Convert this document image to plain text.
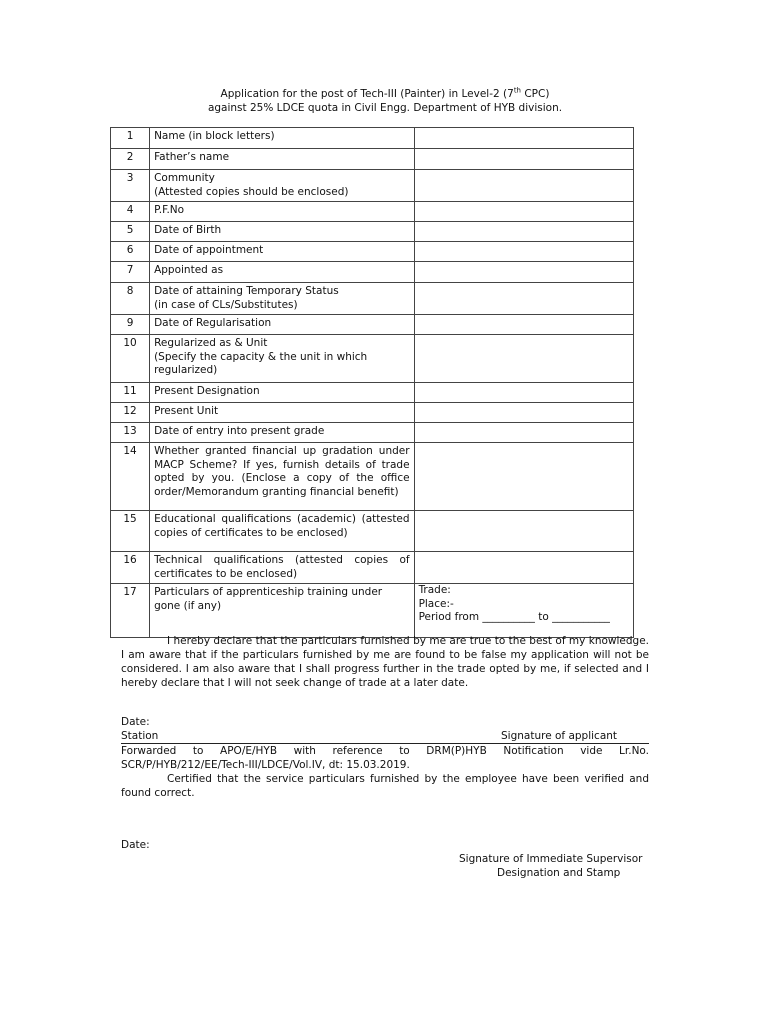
Application for the post of Tech-III (Painter) in Level-2 (7th CPC)
against 25% LDCE quota in Civil Engg. Department of HYB division.
1	Name (in block letters)	
2	Father’s name	
3	Community
(Attested copies should be enclosed)	
4	P.F.No	
5	Date of Birth	
6	Date of appointment	
7	Appointed as	
8	Date of attaining Temporary Status
(in case of CLs/Substitutes)	
9	Date of Regularisation	
10	Regularized as & Unit
(Specify the capacity & the unit in which regularized)	
11	Present Designation	
12	Present Unit	
13	Date of entry into present grade	
14	Whether granted financial up gradation under MACP Scheme? If yes, furnish details of trade opted by you. (Enclose a copy of the office order/Memorandum granting financial benefit)	
15	Educational qualifications (academic) (attested copies of certificates to be enclosed)	
16	Technical qualifications (attested copies of certificates to be enclosed)	
17	Particulars of apprenticeship training under gone (if any)	Trade:
Place:-
Period from __________ to ___________
I hereby declare that the particulars furnished by me are true to the best of my knowledge. I am aware that if the particulars furnished by me are found to be false my application will not be considered. I am also aware that I shall progress further in the trade opted by me, if selected and I hereby declare that I will not seek change of trade at a later date.
Date:
Station	Signature of applicant
Forwarded to APO/E/HYB with reference to DRM(P)HYB Notification vide Lr.No. SCR/P/HYB/212/EE/Tech-III/LDCE/Vol.IV, dt: 15.03.2019.
Certified that the service particulars furnished by the employee have been verified and found correct.
Date:
Signature of Immediate Supervisor
Designation and Stamp
